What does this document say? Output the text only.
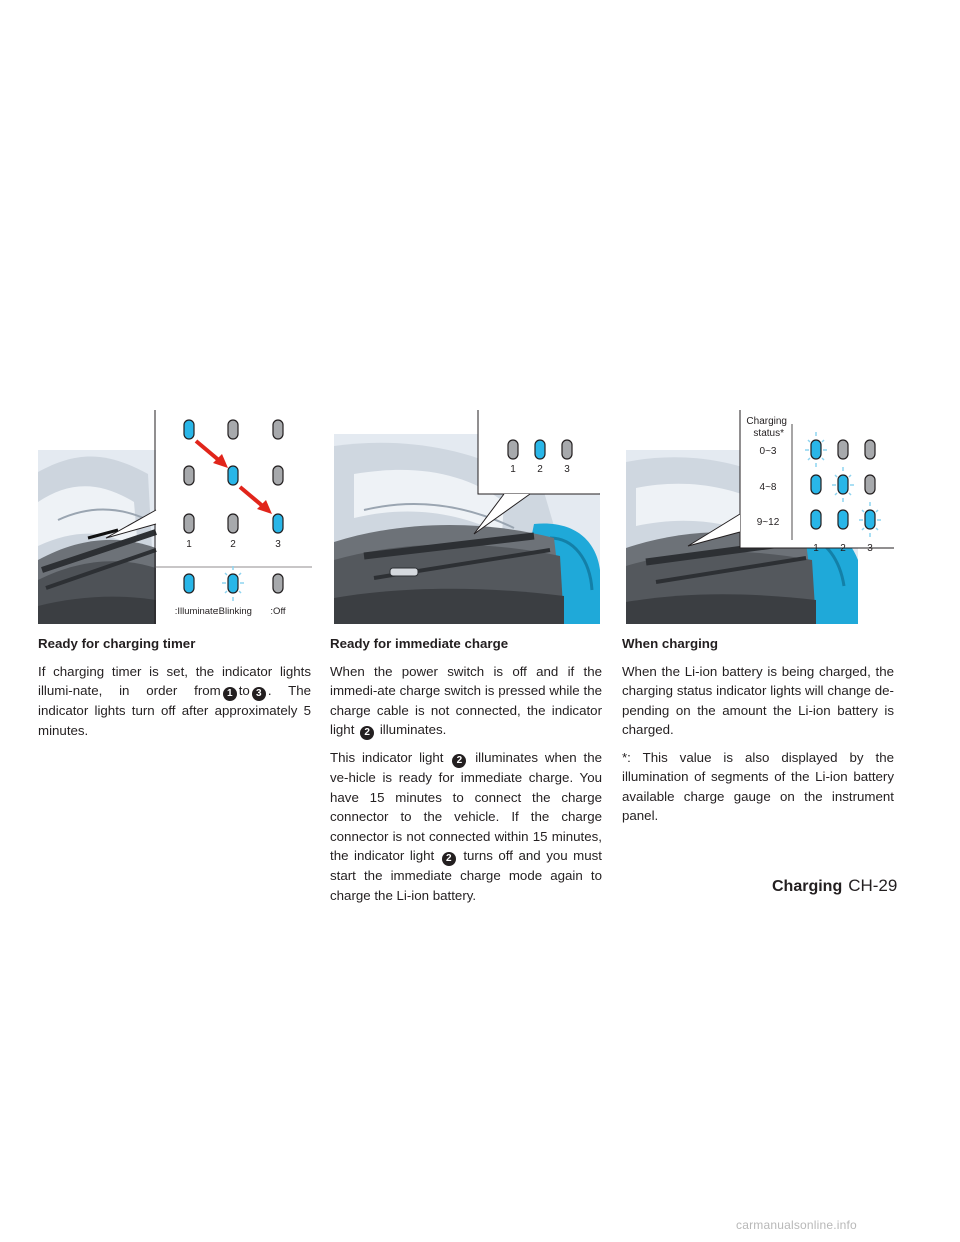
1	2	3
:Illuminate
:Blinking :Off
1 2 3
Charging
status*
0~3
4~8
9~12
1 2 3
Ready for charging timer

If charging timer is set, the indicator lights illumi-nate, in order from 1 to 3 . The indicator lights turn off after approximately 5 minutes.

Ready for immediate charge

When the power switch is off and if the immedi-ate charge switch is pressed while the charge cable is not connected, the indicator light 2 illuminates.

This indicator light 2 illuminates when the ve-hicle is ready for immediate charge. You have 15 minutes to connect the charge connector to the vehicle. If the charge connector is not connected within 15 minutes, the indicator light 2 turns off and you must start the immediate charge mode again to charge the Li-ion battery.

When charging

When the Li-ion battery is being charged, the charging status indicator lights will change de-pending on the amount the Li-ion battery is charged.

*: This value is also displayed by the illumination of segments of the Li-ion battery available charge gauge on the instrument panel.

Charging CH-29
carmanualsonline.info
